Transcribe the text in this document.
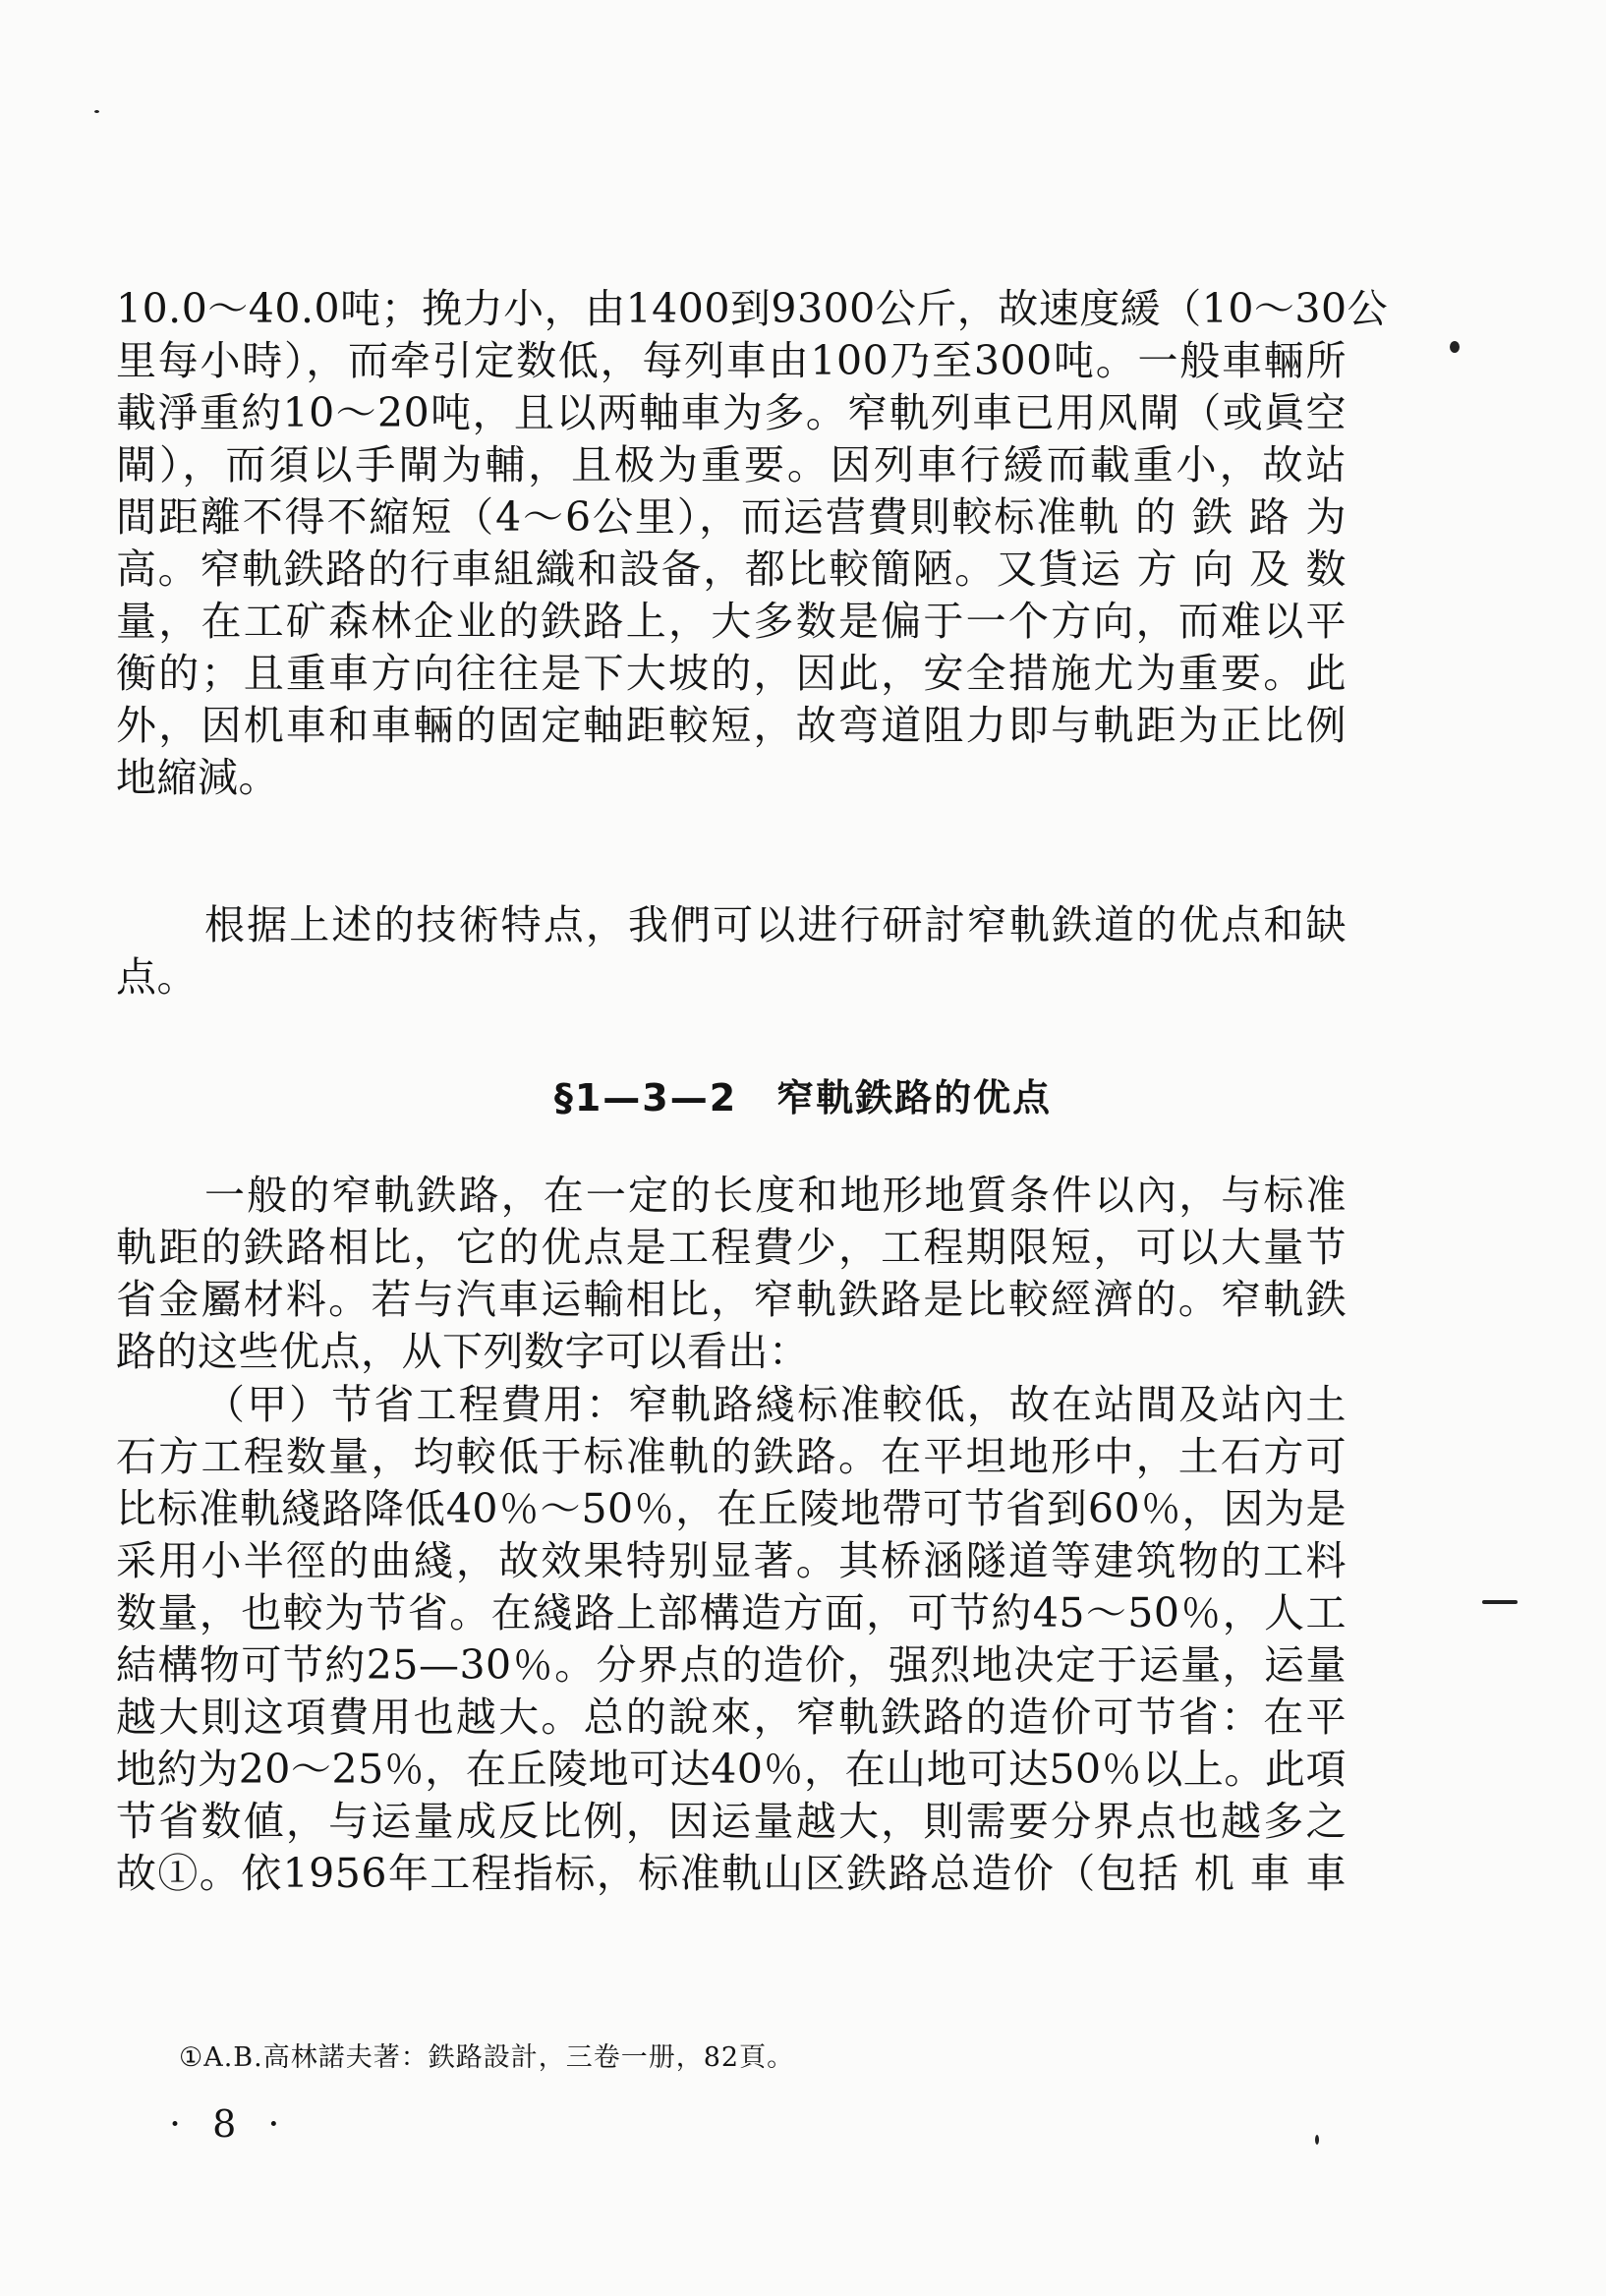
10.0～40.0吨；挽力小，由1400到9300公斤，故速度緩（10～30公
里每小時），而牵引定数低，每列車由100乃至300吨。一般車輛所
載淨重約10～20吨，且以两軸車为多。窄軌列車已用风閘（或眞空
閘），而須以手閘为輔，且极为重要。因列車行緩而載重小，故站
間距離不得不縮短（4～6公里），而运营費則較标准軌 的 鉄 路 为
高。窄軌鉄路的行車組織和設备，都比較簡陋。又貨运 方 向 及 数
量，在工矿森林企业的鉄路上，大多数是偏于一个方向，而难以平
衡的；且重車方向往往是下大坡的，因此，安全措施尤为重要。此
外，因机車和車輛的固定軸距較短，故弯道阻力即与軌距为正比例
地縮減。
根据上述的技術特点，我們可以进行研討窄軌鉄道的优点和缺
点。
§1—3—2　窄軌鉄路的优点
一般的窄軌鉄路，在一定的长度和地形地質条件以內，与标准
軌距的鉄路相比，它的优点是工程費少，工程期限短，可以大量节
省金屬材料。若与汽車运輸相比，窄軌鉄路是比較經濟的。窄軌鉄
路的这些优点，从下列数字可以看出：
（甲）节省工程費用：窄軌路綫标准較低，故在站間及站內土
石方工程数量，均較低于标准軌的鉄路。在平坦地形中，土石方可
比标准軌綫路降低40％～50％，在丘陵地帶可节省到60％，因为是
采用小半徑的曲綫，故效果特别显著。其桥涵隧道等建筑物的工料
数量，也較为节省。在綫路上部構造方面，可节約45～50％，人工
結構物可节約25—30％。分界点的造价，强烈地决定于运量，运量
越大則这項費用也越大。总的說來，窄軌鉄路的造价可节省：在平
地約为20～25％，在丘陵地可达40％，在山地可达50％以上。此項
节省数値，与运量成反比例，因运量越大，則需要分界点也越多之
故①。依1956年工程指标，标准軌山区鉄路总造价（包括 机 車 車
①A.B.高林諾夫著：鉄路設計，三卷一册，82頁。
· 8 ·
